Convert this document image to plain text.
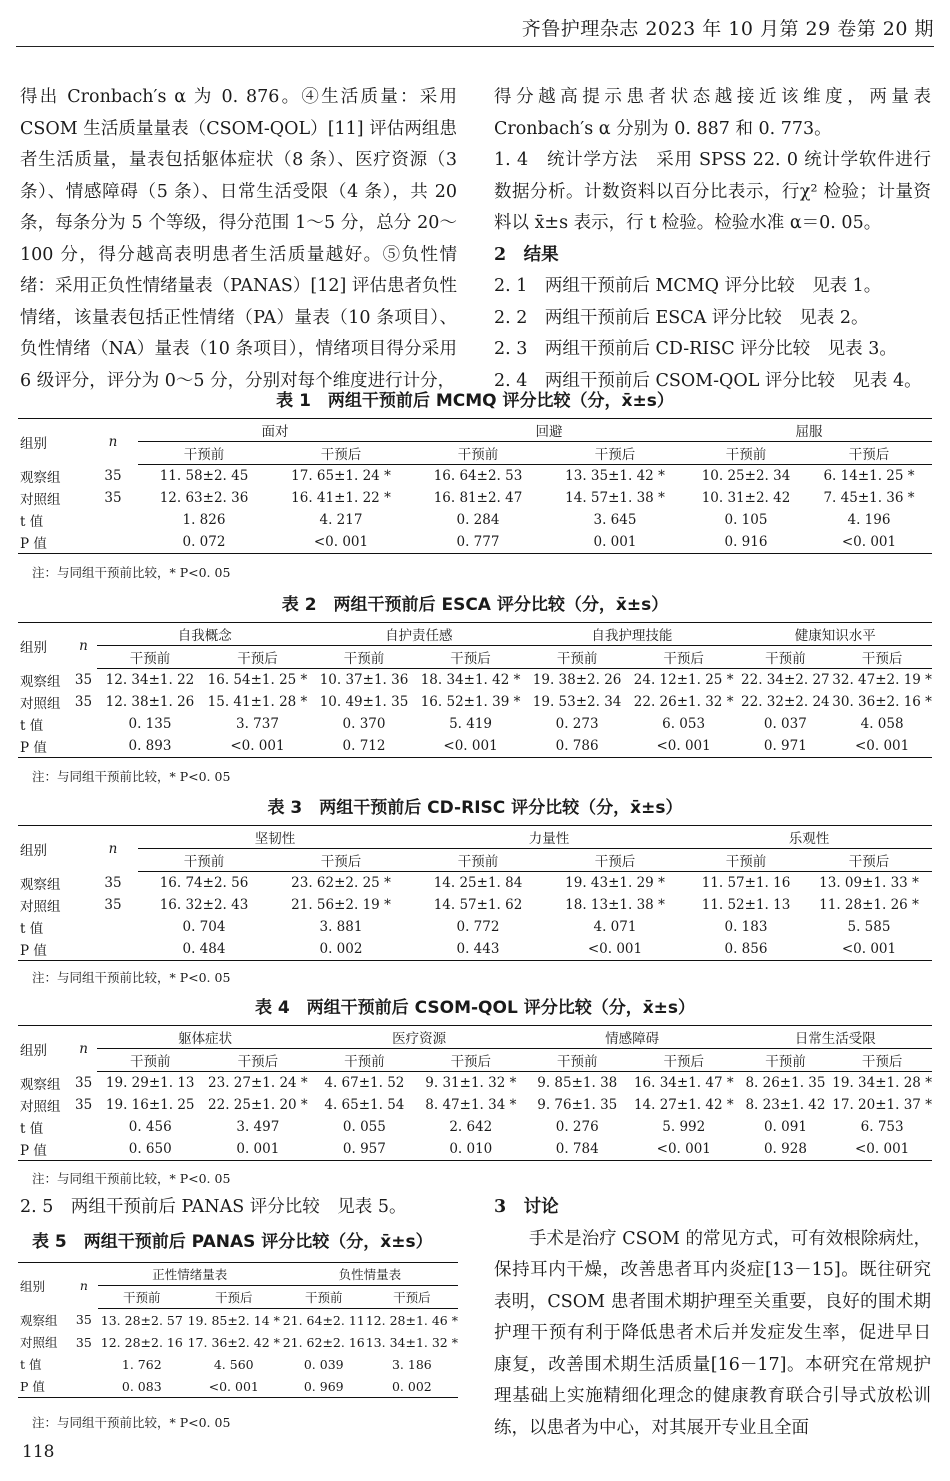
齐鲁护理杂志 2023 年 10 月第 29 卷第 20 期

得出 Cronbach′s α 为 0. 876。④生活质量：采用 CSOM 生活质量量表（CSOM-QOL）[11] 评估两组患者生活质量，量表包括躯体症状（8 条）、医疗资源（3 条）、情感障碍（5 条）、日常生活受限（4 条），共 20 条，每条分为 5 个等级，得分范围 1～5 分，总分 20～100 分，得分越高表明患者生活质量越好。⑤负性情绪：采用正负性情绪量表（PANAS）[12] 评估患者负性情绪，该量表包括正性情绪（PA）量表（10 条项目）、负性情绪（NA）量表（10 条项目），情绪项目得分采用 6 级评分，评分为 0～5 分，分别对每个维度进行计分，

得分越高提示患者状态越接近该维度，两量表 Cronbach′s α 分别为 0. 887 和 0. 773。

1. 4　统计学方法　采用 SPSS 22. 0 统计学软件进行数据分析。计数资料以百分比表示，行χ² 检验；计量资料以 x̄±s 表示，行 t 检验。检验水准 α＝0. 05。

2　结果

2. 1　两组干预前后 MCMQ 评分比较　见表 1。

2. 2　两组干预前后 ESCA 评分比较　见表 2。

2. 3　两组干预前后 CD-RISC 评分比较　见表 3。

2. 4　两组干预前后 CSOM-QOL 评分比较　见表 4。

表 1　两组干预前后 MCMQ 评分比较（分，x̄±s）
组别	n	面对		回避		屈服	
		干预前	干预后	干预前	干预后	干预前	干预后
观察组	35	11. 58±2. 45	17. 65±1. 24 *	16. 64±2. 53	13. 35±1. 42 *	10. 25±2. 34	6. 14±1. 25 *
对照组	35	12. 63±2. 36	16. 41±1. 22 *	16. 81±2. 47	14. 57±1. 38 *	10. 31±2. 42	7. 45±1. 36 *
t 值		1. 826	4. 217	0. 284	3. 645	0. 105	4. 196
P 值		0. 072	<0. 001	0. 777	0. 001	0. 916	<0. 001
注：与同组干预前比较，* P<0. 05
表 2　两组干预前后 ESCA 评分比较（分，x̄±s）
组别	n	自我概念		自护责任感		自我护理技能		健康知识水平	
		干预前	干预后	干预前	干预后	干预前	干预后	干预前	干预后
观察组	35	12. 34±1. 22	16. 54±1. 25 *	10. 37±1. 36	18. 34±1. 42 *	19. 38±2. 26	24. 12±1. 25 *	22. 34±2. 27	32. 47±2. 19 *
对照组	35	12. 38±1. 26	15. 41±1. 28 *	10. 49±1. 35	16. 52±1. 39 *	19. 53±2. 34	22. 26±1. 32 *	22. 32±2. 24	30. 36±2. 16 *
t 值		0. 135	3. 737	0. 370	5. 419	0. 273	6. 053	0. 037	4. 058
P 值		0. 893	<0. 001	0. 712	<0. 001	0. 786	<0. 001	0. 971	<0. 001
注：与同组干预前比较，* P<0. 05
表 3　两组干预前后 CD-RISC 评分比较（分，x̄±s）
组别	n	坚韧性		力量性		乐观性	
		干预前	干预后	干预前	干预后	干预前	干预后
观察组	35	16. 74±2. 56	23. 62±2. 25 *	14. 25±1. 84	19. 43±1. 29 *	11. 57±1. 16	13. 09±1. 33 *
对照组	35	16. 32±2. 43	21. 56±2. 19 *	14. 57±1. 62	18. 13±1. 38 *	11. 52±1. 13	11. 28±1. 26 *
t 值		0. 704	3. 881	0. 772	4. 071	0. 183	5. 585
P 值		0. 484	0. 002	0. 443	<0. 001	0. 856	<0. 001
注：与同组干预前比较，* P<0. 05
表 4　两组干预前后 CSOM-QOL 评分比较（分，x̄±s）
组别	n	躯体症状		医疗资源		情感障碍		日常生活受限	
		干预前	干预后	干预前	干预后	干预前	干预后	干预前	干预后
观察组	35	19. 29±1. 13	23. 27±1. 24 *	4. 67±1. 52	9. 31±1. 32 *	9. 85±1. 38	16. 34±1. 47 *	8. 26±1. 35	19. 34±1. 28 *
对照组	35	19. 16±1. 25	22. 25±1. 20 *	4. 65±1. 54	8. 47±1. 34 *	9. 76±1. 35	14. 27±1. 42 *	8. 23±1. 42	17. 20±1. 37 *
t 值		0. 456	3. 497	0. 055	2. 642	0. 276	5. 992	0. 091	6. 753
P 值		0. 650	0. 001	0. 957	0. 010	0. 784	<0. 001	0. 928	<0. 001
注：与同组干预前比较，* P<0. 05

2. 5　两组干预前后 PANAS 评分比较　见表 5。

表 5　两组干预前后 PANAS 评分比较（分，x̄±s）
组别	n	正性情绪量表		负性情量表	
		干预前	干预后	干预前	干预后
观察组	35	13. 28±2. 57	19. 85±2. 14 *	21. 64±2. 11	12. 28±1. 46 *
对照组	35	12. 28±2. 16	17. 36±2. 42 *	21. 62±2. 16	13. 34±1. 32 *
t 值		1. 762	4. 560	0. 039	3. 186
P 值		0. 083	<0. 001	0. 969	0. 002
注：与同组干预前比较，* P<0. 05

3　讨论

手术是治疗 CSOM 的常见方式，可有效根除病灶，保持耳内干燥，改善患者耳内炎症[13－15]。既往研究表明，CSOM 患者围术期护理至关重要，良好的围术期护理干预有利于降低患者术后并发症发生率，促进早日康复，改善围术期生活质量[16－17]。本研究在常规护理基础上实施精细化理念的健康教育联合引导式放松训练，以患者为中心，对其展开专业且全面

118
